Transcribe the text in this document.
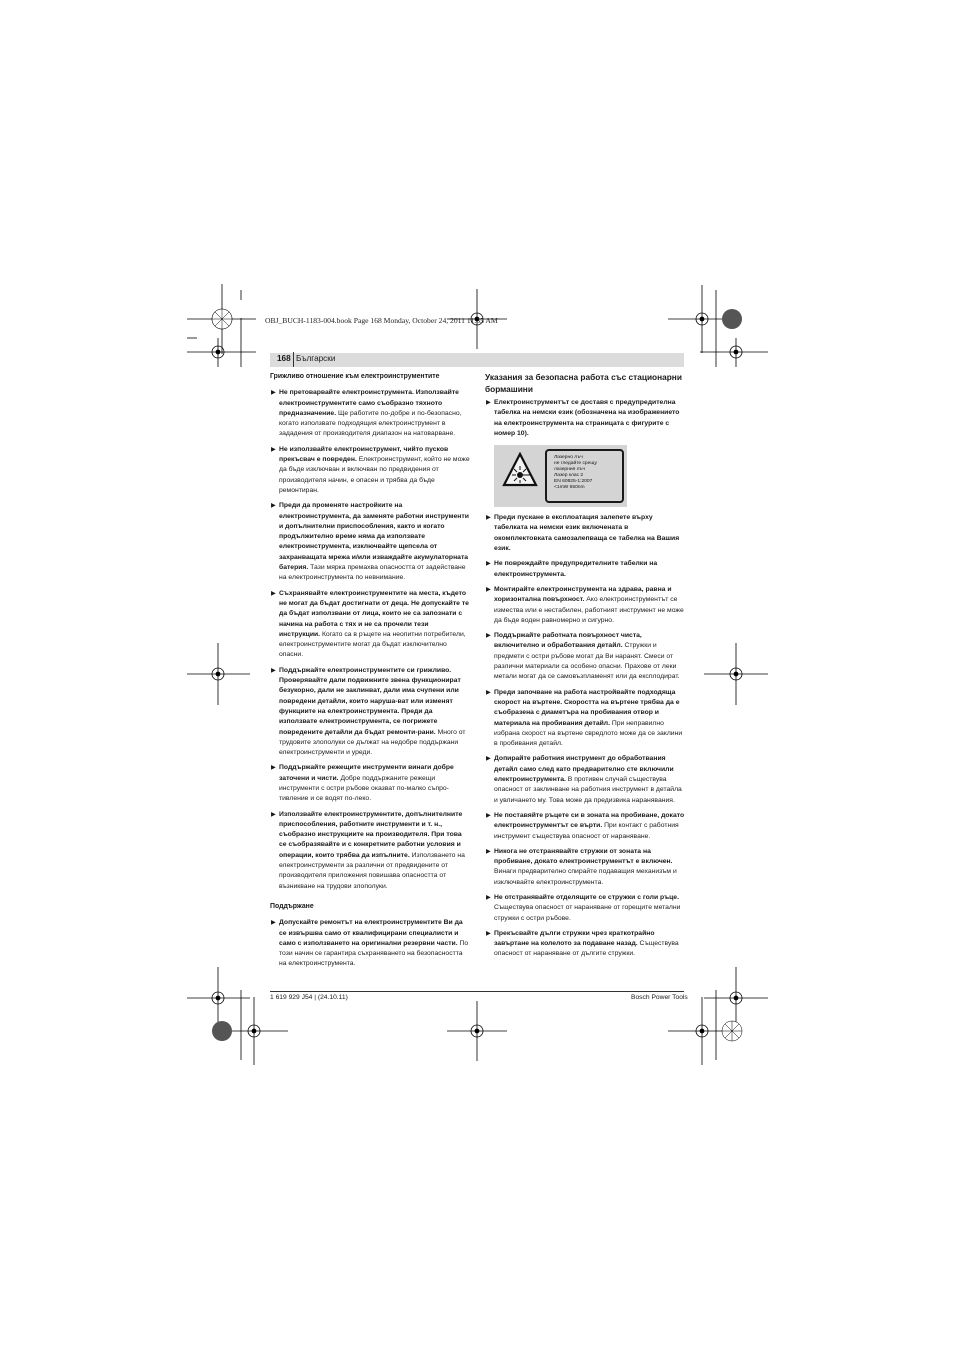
OBJ_BUCH-1183-004.book Page 168 Monday, October 24, 2011 11:35 AM
168 Български
Грижливо отношение към електроинструментите
▶ Не претоварвайте електроинструмента. Използвайте електроинструментите само съобразно тяхното предназначение. Ще работите по-добре и по-безопасно, когато използвате подходящия електроинструмент в зададения от производителя диапазон на натоварване.
▶ Не използвайте електроинструмент, чийто пусков прекъсвач е повреден. Електроинструмент, който не може да бъде изключван и включван по предвидения от производителя начин, е опасен и трябва да бъде ремонтиран.
▶ Преди да променяте настройките на електроинструмента, да заменяте работни инструменти и допълнителни приспособления, както и когато продължително време няма да използвате електроинструмента, изключвайте щепсела от захранващата мрежа и/или изваждайте акумулаторната батерия. Тази мярка премахва опасността от задействане на електроинструмента по невнимание.
▶ Съхранявайте електроинструментите на места, където не могат да бъдат достигнати от деца. Не допускайте те да бъдат използвани от лица, които не са запознати с начина на работа с тях и не са прочели тези инструкции. Когато са в ръцете на неопитни потребители, електроинструментите могат да бъдат изключително опасни.
▶ Поддържайте електроинструментите си грижливо. Проверявайте дали подвижните звена функционират безукорно, дали не заклинват, дали има счупени или повредени детайли, които наруша-ват или изменят функциите на електроинструмента. Преди да използвате електроинструмента, се погрижете повредените детайли да бъдат ремонти-рани. Много от трудовите злополуки се дължат на недобре поддържани електроинструменти и уреди.
▶ Поддържайте режещите инструменти винаги добре заточени и чисти. Добре поддържаните режещи инструменти с остри ръбове оказват по-малко съпро-тивление и се водят по-леко.
▶ Използвайте електроинструментите, допълнителните приспособления, работните инструменти и т. н., съобразно инструкциите на производителя. При това се съобразявайте и с конкретните работни условия и операции, които трябва да изпълните. Използването на електроинструменти за различни от предвидените от производителя приложения повишава опасността от възникване на трудови злополуки.
Поддържане
▶ Допускайте ремонтът на електроинструментите Ви да се извършва само от квалифицирани специалисти и само с използването на оригинални резервни части. По този начин се гарантира съхраняването на безопасността на електроинструмента.
Указания за безопасна работа със стационарни бормашини
▶ Електроинструментът се доставя с предупредителна табелка на немски език (обозначена на изображението на електроинструмента на страницата с фигурите с номер 10).
Лазерно лъч
не гледайте срещу
лазерния лъч
Лазер клас 2
EN 60825-1:2007
<1mW 650nm
▶ Преди пускане в експлоатация залепете върху табелката на немски език включената в окомплектовката самозалепваща се табелка на Вашия език.
▶ Не повреждайте предупредителните табелки на електроинструмента.
▶ Монтирайте електроинструмента на здрава, равна и хоризонтална повърхност. Ако електроинструментът се измества или е нестабилен, работният инструмент не може да бъде воден равномерно и сигурно.
▶ Поддържайте работната повърхност чиста, включително и обработвания детайл. Стружки и предмети с остри ръбове могат да Ви наранят. Смеси от различни материали са особено опасни. Прахове от леки метали могат да се самовъзпламенят или да експлодират.
▶ Преди започване на работа настройвайте подходяща скорост на въртене. Скоростта на въртене трябва да е съобразена с диаметъра на пробивания отвор и материала на пробивания детайл. При неправилно избрана скорост на въртене свредлото може да се заклини в пробивания детайл.
▶ Допирайте работния инструмент до обработвания детайл само след като предварително сте включили електроинструмента. В противен случай съществува опасност от заклинване на работния инструмент в детайла и увличането му. Това може да предизвика наранявания.
▶ Не поставяйте ръцете си в зоната на пробиване, докато електроинструментът се върти. При контакт с работния инструмент съществува опасност от нараняване.
▶ Никога не отстранявайте стружки от зоната на пробиване, докато електроинструментът е включен. Винаги предварително спирайте подаващия механизъм и изключвайте електроинструмента.
▶ Не отстранявайте отделящите се стружки с голи ръце. Съществува опасност от нараняване от горещите метални стружки с остри ръбове.
▶ Прекъсвайте дълги стружки чрез краткотрайно завъртане на колелото за подаване назад. Съществува опасност от нараняване от дългите стружки.
1 619 929 J54 | (24.10.11)	Bosch Power Tools
